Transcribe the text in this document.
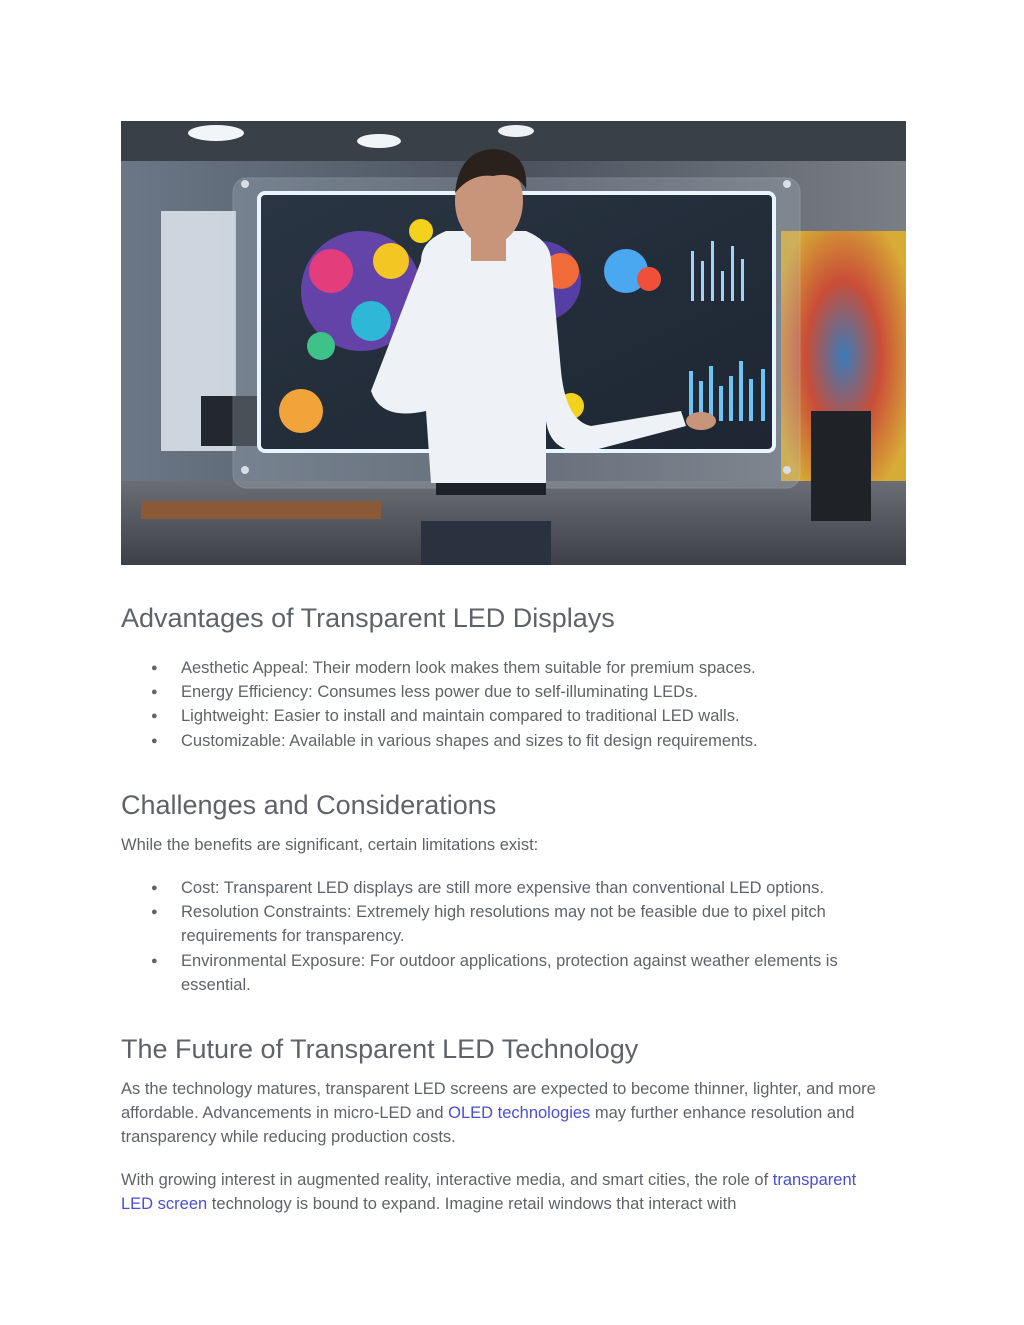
Advantages of Transparent LED Displays
● Aesthetic Appeal: Their modern look makes them suitable for premium spaces.
● Energy Efficiency: Consumes less power due to self-illuminating LEDs.
● Lightweight: Easier to install and maintain compared to traditional LED walls.
● Customizable: Available in various shapes and sizes to fit design requirements.
Challenges and Considerations

While the benefits are significant, certain limitations exist:

● Cost: Transparent LED displays are still more expensive than conventional LED options.
● Resolution Constraints: Extremely high resolutions may not be feasible due to pixel pitch requirements for transparency.
● Environmental Exposure: For outdoor applications, protection against weather elements is essential.
The Future of Transparent LED Technology

As the technology matures, transparent LED screens are expected to become thinner, lighter, and more affordable. Advancements in micro-LED and OLED technologies may further enhance resolution and transparency while reducing production costs.

With growing interest in augmented reality, interactive media, and smart cities, the role of transparent LED screen technology is bound to expand. Imagine retail windows that interact with
